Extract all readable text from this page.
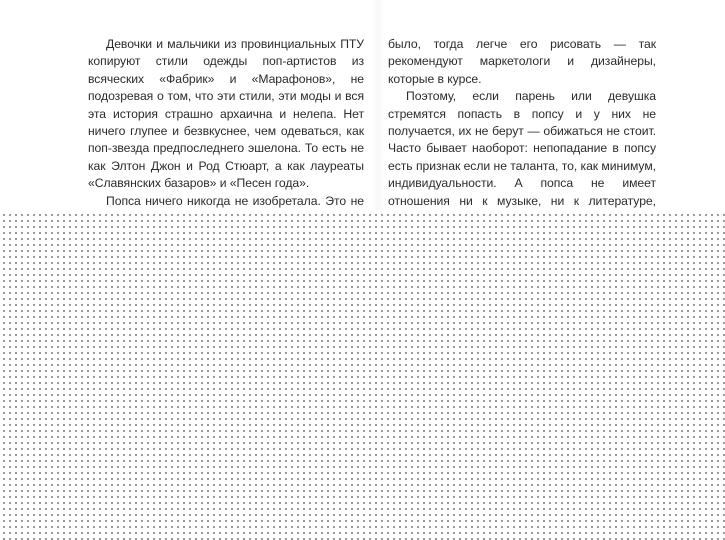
Девочки и мальчики из провинциальных ПТУ копируют стили одежды поп-артистов из всяческих «Фабрик» и «Марафонов», не подозревая о том, что эти стили, эти моды и вся эта история страшно архаична и нелепа. Нет ничего глупее и безвкуснее, чем одеваться, как поп-звезда предпоследнего эшелона. То есть не как Элтон Джон и Род Стюарт, а как лауреаты «Славянских базаров» и «Песен года».

Попса ничего никогда не изобретала. Это не

было, тогда легче его рисовать — так рекомендуют маркетологи и дизайнеры, которые в курсе.

Поэтому, если парень или девушка стремятся попасть в попсу и у них не получается, их не берут — обижаться не стоит. Часто бывает наоборот: непопадание в попсу есть признак если не таланта, то, как минимум, индивидуальности. А попса не имеет отношения ни к музыке, ни к литературе,
